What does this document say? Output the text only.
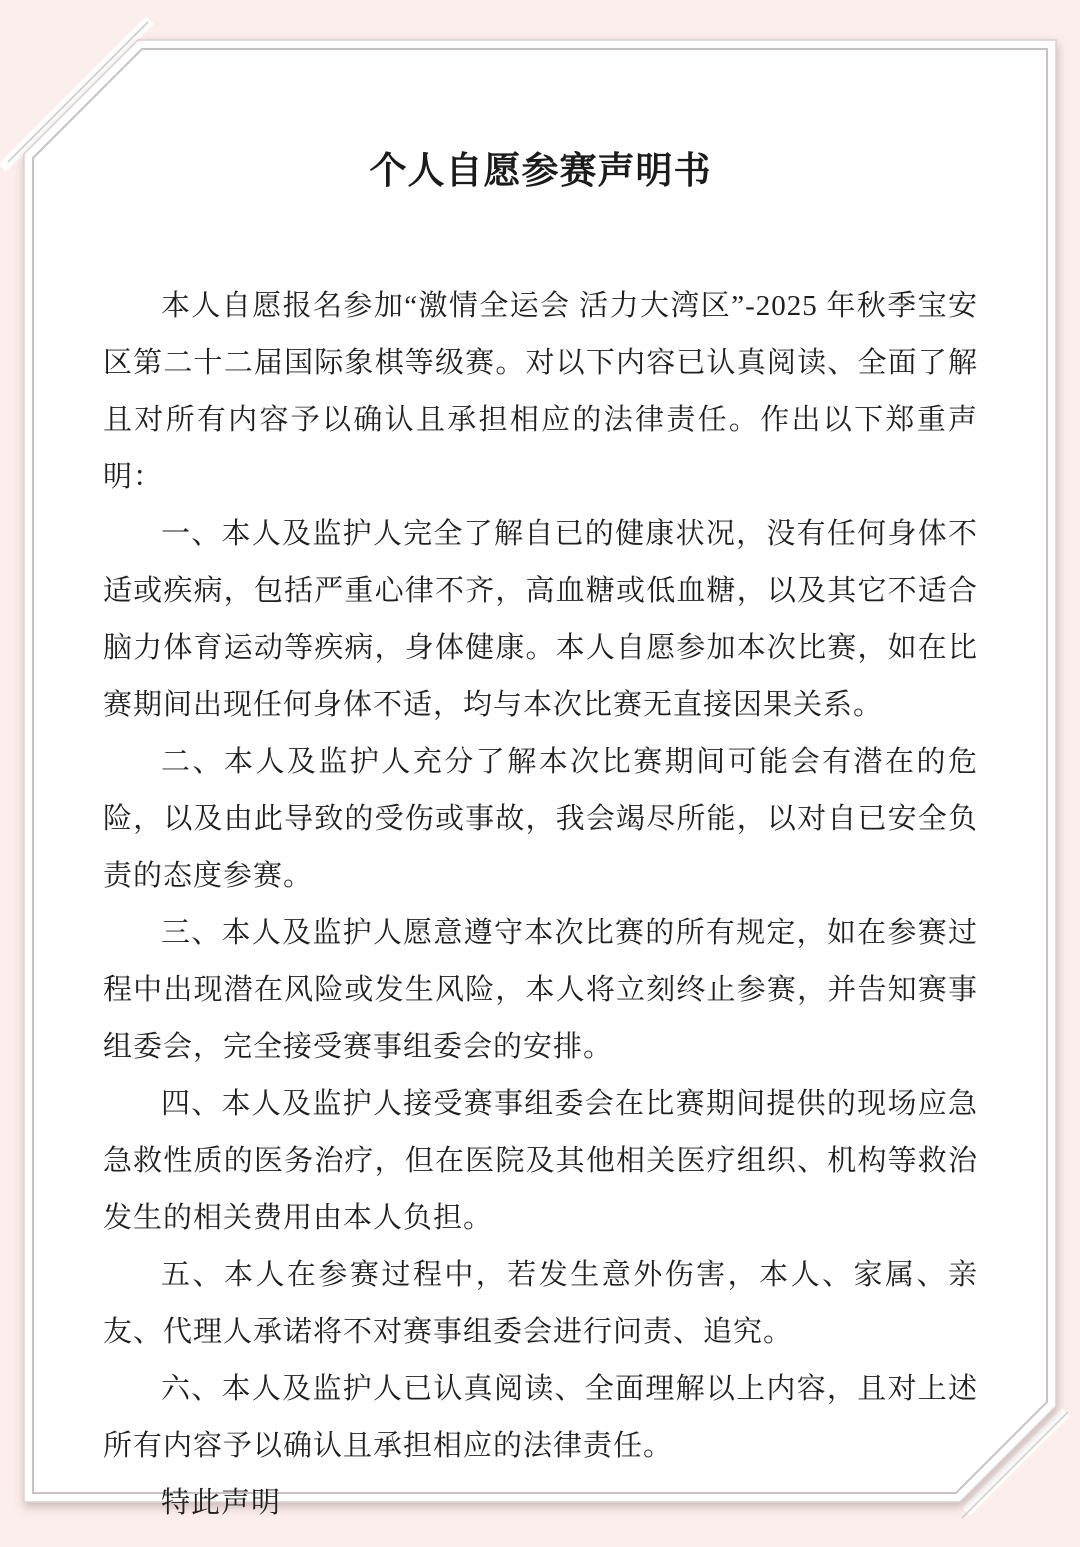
个人自愿参赛声明书

本人自愿报名参加“激情全运会 活力大湾区”-2025 年秋季宝安区第二十二届国际象棋等级赛。对以下内容已认真阅读、全面了解且对所有内容予以确认且承担相应的法律责任。作出以下郑重声明：

一、本人及监护人完全了解自已的健康状况，没有任何身体不适或疾病，包括严重心律不齐，高血糖或低血糖，以及其它不适合脑力体育运动等疾病，身体健康。本人自愿参加本次比赛，如在比赛期间出现任何身体不适，均与本次比赛无直接因果关系。

二、本人及监护人充分了解本次比赛期间可能会有潜在的危险，以及由此导致的受伤或事故，我会竭尽所能，以对自已安全负责的态度参赛。

三、本人及监护人愿意遵守本次比赛的所有规定，如在参赛过程中出现潜在风险或发生风险，本人将立刻终止参赛，并告知赛事组委会，完全接受赛事组委会的安排。

四、本人及监护人接受赛事组委会在比赛期间提供的现场应急急救性质的医务治疗，但在医院及其他相关医疗组织、机构等救治发生的相关费用由本人负担。

五、本人在参赛过程中，若发生意外伤害，本人、家属、亲友、代理人承诺将不对赛事组委会进行问责、追究。

六、本人及监护人已认真阅读、全面理解以上内容，且对上述所有内容予以确认且承担相应的法律责任。

特此声明
